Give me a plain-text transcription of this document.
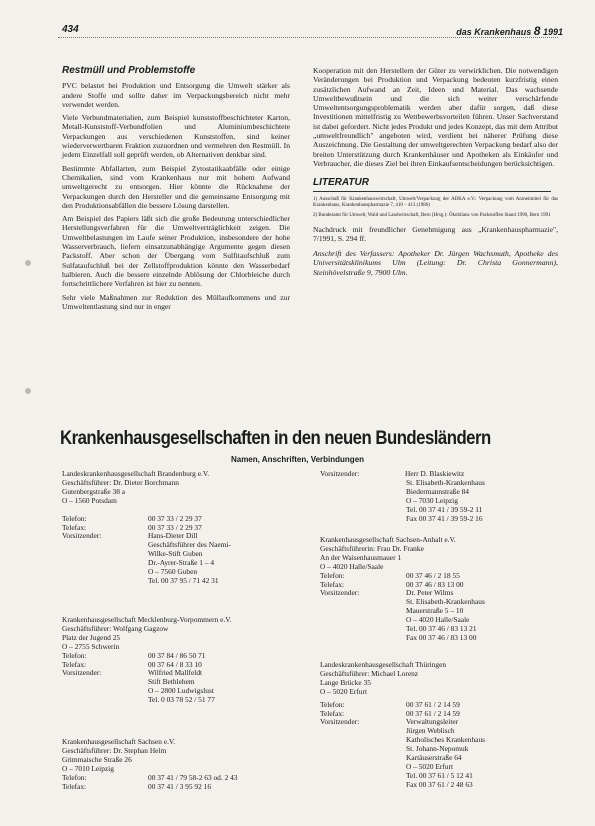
434	das Krankenhaus 8 1991
Restmüll und Problemstoffe

PVC belastet bei Produktion und Entsorgung die Umwelt stärker als andere Stoffe und sollte daher im Verpackungsbereich nicht mehr verwendet werden.

Viele Verbundmaterialien, zum Beispiel kunststoffbeschichteter Karton, Metall-Kunststoff-Verbundfolien und Aluminiumbeschichtete Verpackungen aus verschiedenen Kunststoffen, sind keiner wiederverwertbaren Fraktion zuzuordnen und vermehren den Restmüll. In jedem Einzelfall soll geprüft werden, ob Alternativen denkbar sind.

Bestimmte Abfallarten, zum Beispiel Zytostatikaabfälle oder einige Chemikalien, sind vom Krankenhaus nur mit hohem Aufwand umweltgerecht zu entsorgen. Hier könnte die Rücknahme der Verpackungen durch den Hersteller und die gemeinsame Entsorgung mit den Produktionsabfällen die bessere Lösung darstellen.

Am Beispiel des Papiers läßt sich die große Bedeutung unterschiedlicher Herstellungsverfahren für die Umweltverträglichkeit zeigen. Die Umweltbelastungen im Laufe seiner Produktion, insbesondere der hohe Wasserverbrauch, liefern einsatzunabhängige Argumente gegen diesen Packstoff. Aber schon der Übergang vom Sulfitaufschluß zum Sulfataufschluß bei der Zellstoffproduktion könnte den Wasserbedarf halbieren. Auch die bessere einzelnde Ablösung der Chlorbleiche durch fortschrittlichere Verfahren ist hier zu nennen.

Sehr viele Maßnahmen zur Reduktion des Müllaufkommens und zur Umweltentlastung sind nur in enger

Kooperation mit den Herstellern der Güter zu verwirklichen. Die notwendigen Veränderungen bei Produktion und Verpackung bedeuten kurzfristig einen zusätzlichen Aufwand an Zeit, Ideen und Material. Das wachsende Umweltbewußtsein und die sich weiter verschärfende Umweltentsorgungsproblematik werden aber dafür sorgen, daß diese Investitionen mittelfristig zu Wettbewerbsvorteilen führen. Unser Sachverstand ist dabei gefordert. Nicht jedes Produkt und jedes Konzept, das mit dem Attribut „umweltfreundlich" angeboten wird, verdient bei näherer Prüfung diese Auszeichnung. Die Gestaltung der umweltgerechten Verpackung bedarf also der breiten Unterstützung durch Krankenhäuser und Apotheken als Einkäufer und Verbraucher, die dieses Ziel bei ihren Einkaufsentscheidungen berücksichtigen.

LITERATUR
1) Ausschuß für Krankenhauswirtschaft, Umwelt/Verpackung der ADKA e.V.: Verpackung vom Arzneimittel für das Krankenhaus, Krankenhauspharmazie 7, 410 – 413 (1986)
2) Bundesamt für Umwelt, Wald und Landwirtschaft, Bern (Hrsg.): Ökobilanz von Packstoffen Stand 1990, Bern 1991
Nachdruck mit freundlicher Genehmigung aus „Krankenhauspharmazie", 7/1991, S. 294 ff.
Anschrift des Verfassers: Apotheker Dr. Jürgen Wachsmuth, Apotheke des Universitätsklinikums Ulm (Leitung: Dr. Christa Gonnermann), Steinhövelstraße 9, 7900 Ulm.
Krankenhausgesellschaften in den neuen Bundesländern
Namen, Anschriften, Verbindungen
Landeskrankenhausgesellschaft Brandenburg e.V.
Geschäftsführer: Dr. Dieter Borchmann
Gutenbergstraße 38 a
O – 1560 Potsdam
Telefon:	00 37 33 / 2 29 37
Telefax:	00 37 33 / 2 29 37
Vorsitzender:	Hans-Dieter Dill
Geschäftsführer des Naemi-
Wilke-Stift Guben
Dr.-Ayrer-Straße 1 – 4
O – 7560 Guben
Tel. 00 37 95 / 71 42 31
Krankenhausgesellschaft Mecklenburg-Vorpommern e.V.
Geschäftsführer: Wolfgang Gagzow
Platz der Jugend 25
O – 2755 Schwerin
Telefon:	00 37 84 / 86 50 71
Telefax:	00 37 64 / 8 33 10
Vorsitzender:	Wilfried Mallfeldt
Stift Bethlehem
O – 2800 Ludwigslust
Tel. 0 03 78 52 / 51 77
Krankenhausgesellschaft Sachsen e.V.
Geschäftsführer: Dr. Stephan Helm
Grimmaische Straße 26
O – 7010 Leipzig
Telefon:	00 37 41 / 79 58-2 63 od. 2 43
Telefax:	00 37 41 / 3 95 92 16
Vorsitzender:	Herr D. Blaskiewitz
St. Elisabeth-Krankenhaus
Biedermannstraße 84
O – 7030 Leipzig
Tel. 00 37 41 / 39 59-2 11
Fax 00 37 41 / 39 59-2 16
Krankenhausgesellschaft Sachsen-Anhalt e.V.
Geschäftsführerin: Frau Dr. Franke
An der Waisenhausmauer 1
O – 4020 Halle/Saale
Telefon:	00 37 46 / 2 18 55
Telefax:	00 37 46 / 83 13 00
Vorsitzender:	Dr. Peter Wilms
St. Elisabeth-Krankenhaus
Mauerstraße 5 – 10
O – 4020 Halle/Saale
Tel. 00 37 46 / 83 13 21
Fax 00 37 46 / 83 13 00
Landeskrankenhausgesellschaft Thüringen
Geschäftsführer: Michael Lorenz
Lange Brücke 35
O – 5020 Erfurt
Telefon:	00 37 61 / 2 14 59
Telefax:	00 37 61 / 2 14 59
Vorsitzender:	Verwaltungsleiter
Jürgen Weblisch
Katholisches Krankenhaus
St. Johann-Nepomuk
Kartäuserstraße 64
O – 5020 Erfurt
Tel. 00 37 61 / 5 12 41
Fax 00 37 61 / 2 48 63
